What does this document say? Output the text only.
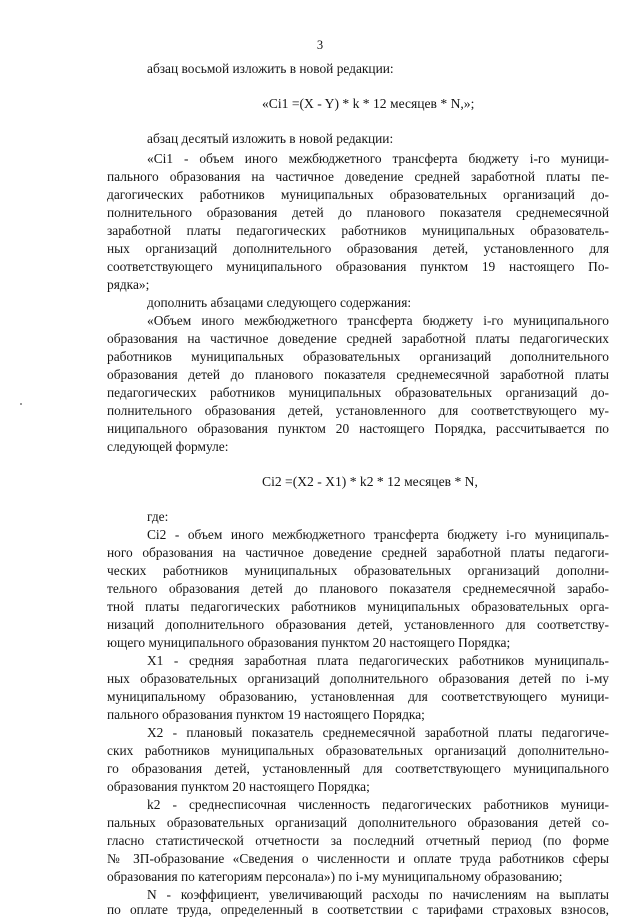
3
абзац восьмой изложить в новой редакции:
«Ci1 =(X - Y) * k * 12 месяцев * N,»;
абзац десятый изложить в новой редакции:
«Ci1 - объем иного межбюджетного трансферта бюджету i-го муници-
пального образования на частичное доведение средней заработной платы пе-
дагогических работников муниципальных образовательных организаций до-
полнительного образования детей до планового показателя среднемесячной
заработной платы педагогических работников муниципальных образователь-
ных организаций дополнительного образования детей, установленного для
соответствующего муниципального образования пунктом 19 настоящего По-
рядка»;
дополнить абзацами следующего содержания:
«Объем иного межбюджетного трансферта бюджету i-го муниципального
образования на частичное доведение средней заработной платы педагогических
работников муниципальных образовательных организаций дополнительного
образования детей до планового показателя среднемесячной заработной платы
педагогических работников муниципальных образовательных организаций до-
полнительного образования детей, установленного для соответствующего му-
ниципального образования пунктом 20 настоящего Порядка, рассчитывается по
следующей формуле:
Ci2 =(X2 - X1) * k2 * 12 месяцев * N,
где:
Ci2 - объем иного межбюджетного трансферта бюджету i-го муниципаль-
ного образования на частичное доведение средней заработной платы педагоги-
ческих работников муниципальных образовательных организаций дополни-
тельного образования детей до планового показателя среднемесячной зарабо-
тной платы педагогических работников муниципальных образовательных орга-
низаций дополнительного образования детей, установленного для соответству-
ющего муниципального образования пунктом 20 настоящего Порядка;
X1 - средняя заработная плата педагогических работников муниципаль-
ных образовательных организаций дополнительного образования детей по i-му
муниципальному образованию, установленная для соответствующего муници-
пального образования пунктом 19 настоящего Порядка;
X2 - плановый показатель среднемесячной заработной платы педагогиче-
ских работников муниципальных образовательных организаций дополнительно-
го образования детей, установленный для соответствующего муниципального
образования пунктом 20 настоящего Порядка;
k2 - среднесписочная численность педагогических работников муници-
пальных образовательных организаций дополнительного образования детей со-
гласно статистической отчетности за последний отчетный период (по форме
№ ЗП-образование «Сведения о численности и оплате труда работников сферы
образования по категориям персонала») по i-му муниципальному образованию;
N - коэффициент, увеличивающий расходы по начислениям на выплаты
по оплате труда, определенный в соответствии с тарифами страховых взносов,
